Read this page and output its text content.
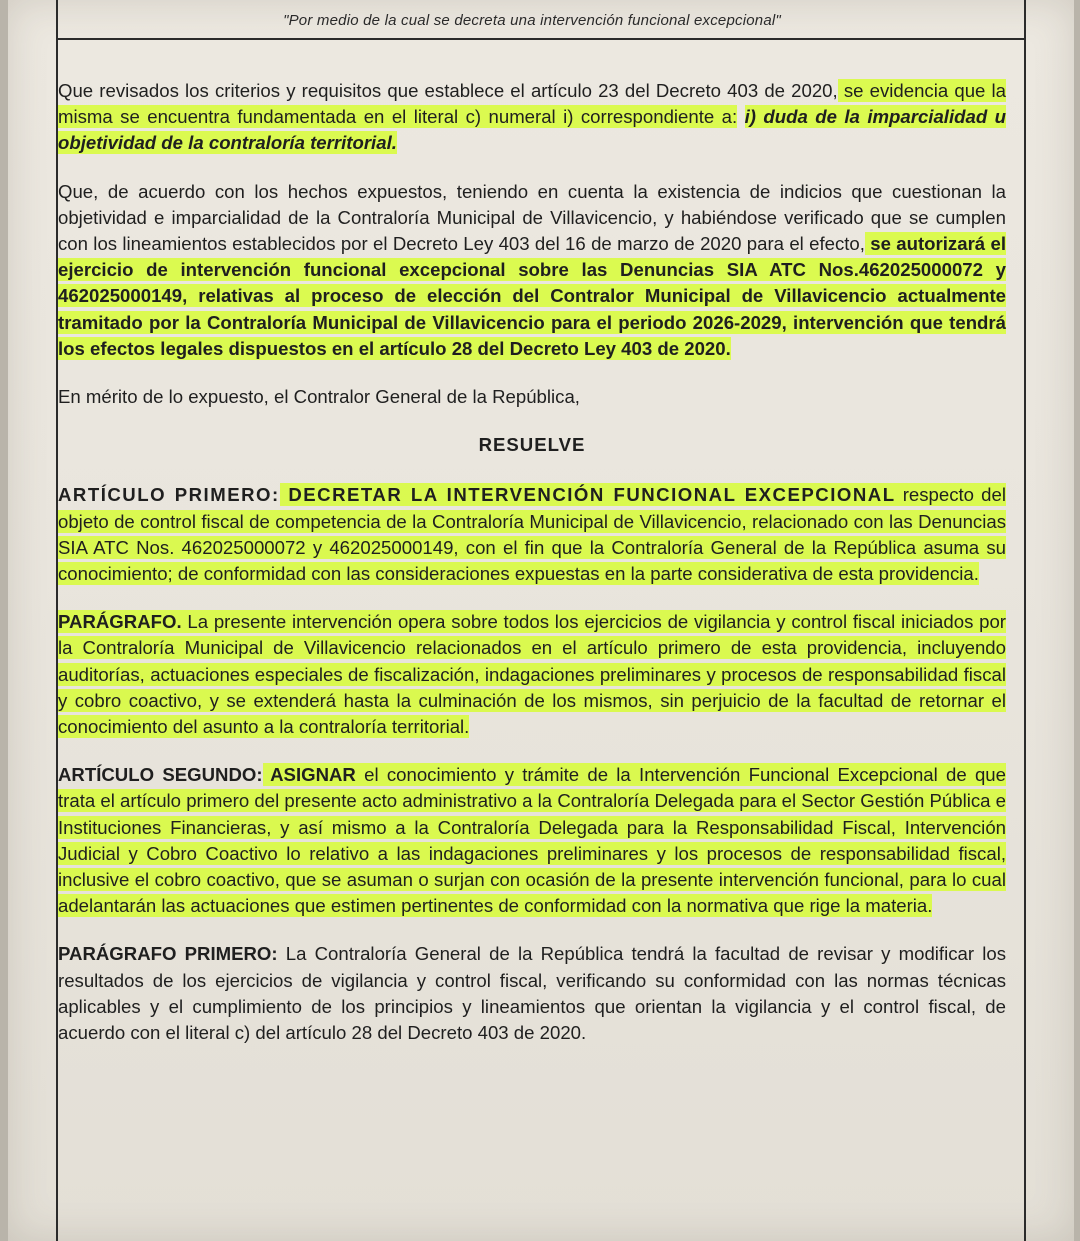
"Por medio de la cual se decreta una intervención funcional excepcional"

Que revisados los criterios y requisitos que establece el artículo 23 del Decreto 403 de 2020, se evidencia que la misma se encuentra fundamentada en el literal c) numeral i) correspondiente a: i) duda de la imparcialidad u objetividad de la contraloría territorial.

Que, de acuerdo con los hechos expuestos, teniendo en cuenta la existencia de indicios que cuestionan la objetividad e imparcialidad de la Contraloría Municipal de Villavicencio, y habiéndose verificado que se cumplen con los lineamientos establecidos por el Decreto Ley 403 del 16 de marzo de 2020 para el efecto, se autorizará el ejercicio de intervención funcional excepcional sobre las Denuncias SIA ATC Nos.462025000072 y 462025000149, relativas al proceso de elección del Contralor Municipal de Villavicencio actualmente tramitado por la Contraloría Municipal de Villavicencio para el periodo 2026-2029, intervención que tendrá los efectos legales dispuestos en el artículo 28 del Decreto Ley 403 de 2020.

En mérito de lo expuesto, el Contralor General de la República,

RESUELVE

ARTÍCULO PRIMERO: DECRETAR LA INTERVENCIÓN FUNCIONAL EXCEPCIONAL respecto del objeto de control fiscal de competencia de la Contraloría Municipal de Villavicencio, relacionado con las Denuncias SIA ATC Nos. 462025000072 y 462025000149, con el fin que la Contraloría General de la República asuma su conocimiento; de conformidad con las consideraciones expuestas en la parte considerativa de esta providencia.

PARÁGRAFO. La presente intervención opera sobre todos los ejercicios de vigilancia y control fiscal iniciados por la Contraloría Municipal de Villavicencio relacionados en el artículo primero de esta providencia, incluyendo auditorías, actuaciones especiales de fiscalización, indagaciones preliminares y procesos de responsabilidad fiscal y cobro coactivo, y se extenderá hasta la culminación de los mismos, sin perjuicio de la facultad de retornar el conocimiento del asunto a la contraloría territorial.

ARTÍCULO SEGUNDO: ASIGNAR el conocimiento y trámite de la Intervención Funcional Excepcional de que trata el artículo primero del presente acto administrativo a la Contraloría Delegada para el Sector Gestión Pública e Instituciones Financieras, y así mismo a la Contraloría Delegada para la Responsabilidad Fiscal, Intervención Judicial y Cobro Coactivo lo relativo a las indagaciones preliminares y los procesos de responsabilidad fiscal, inclusive el cobro coactivo, que se asuman o surjan con ocasión de la presente intervención funcional, para lo cual adelantarán las actuaciones que estimen pertinentes de conformidad con la normativa que rige la materia.

PARÁGRAFO PRIMERO: La Contraloría General de la República tendrá la facultad de revisar y modificar los resultados de los ejercicios de vigilancia y control fiscal, verificando su conformidad con las normas técnicas aplicables y el cumplimiento de los principios y lineamientos que orientan la vigilancia y el control fiscal, de acuerdo con el literal c) del artículo 28 del Decreto 403 de 2020.
